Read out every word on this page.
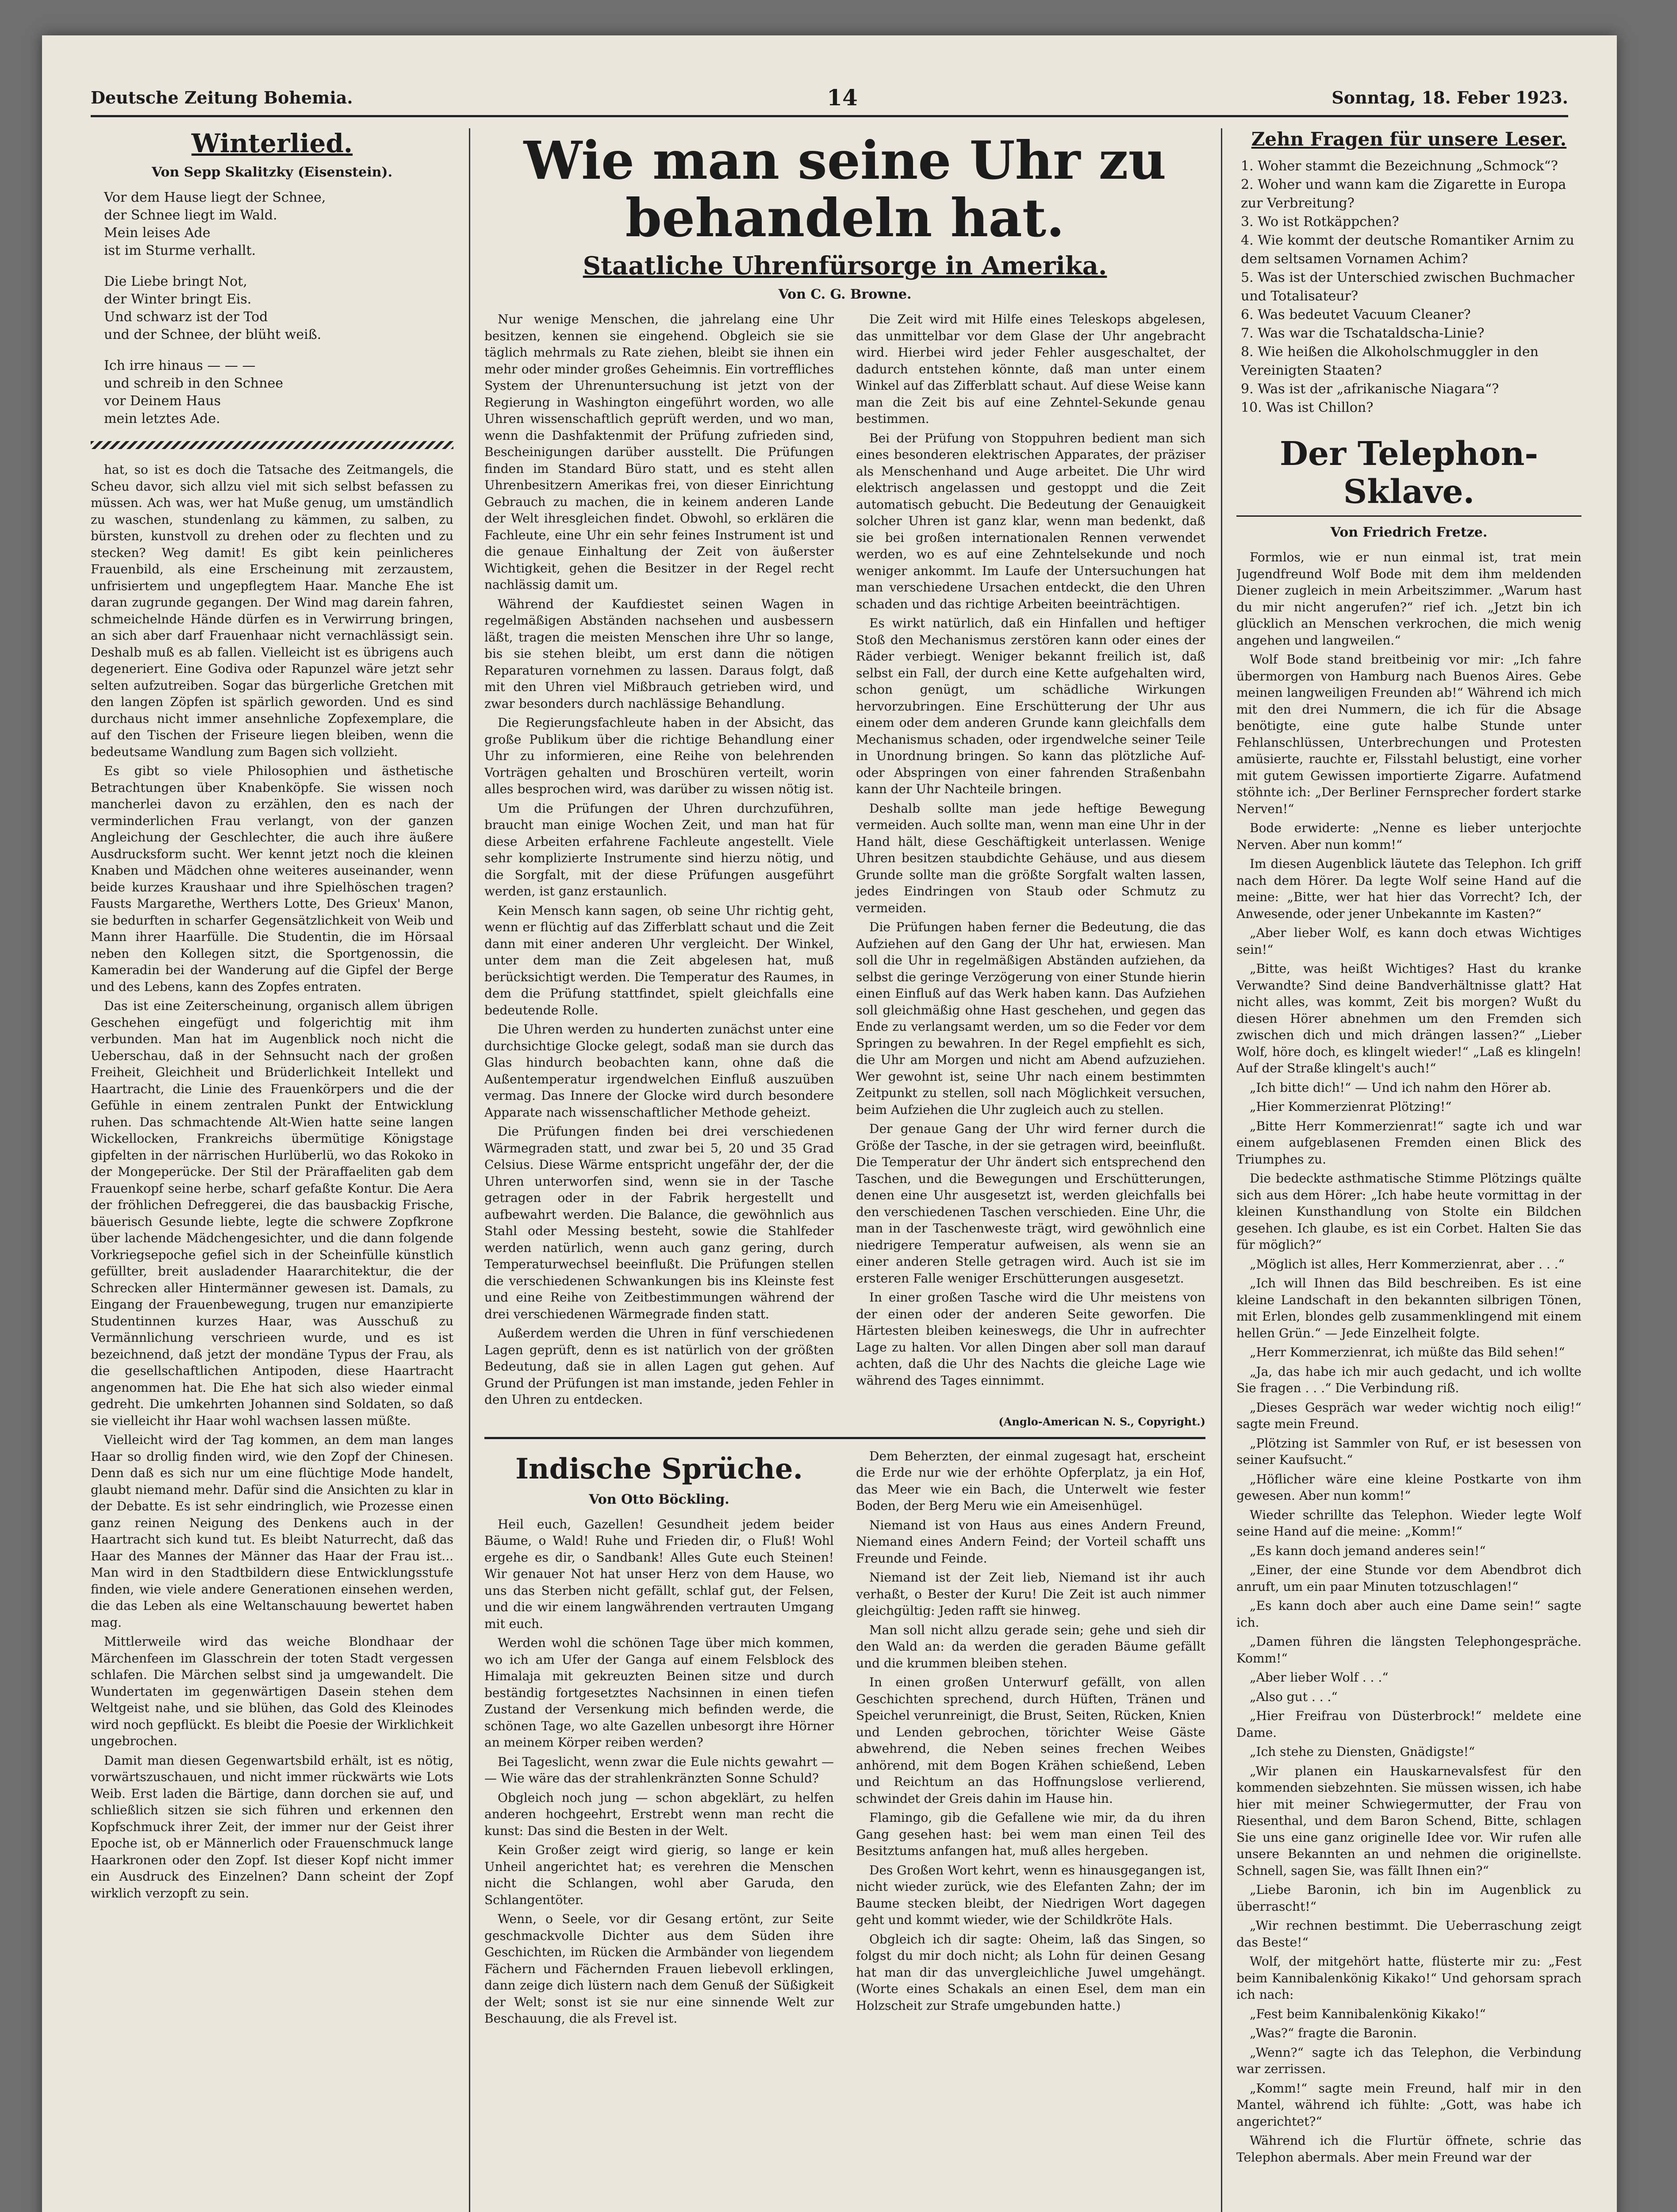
Deutsche Zeitung Bohemia.	14	Sonntag, 18. Feber 1923.
Winterlied.
Von Sepp Skalitzky (Eisenstein).
Vor dem Hause liegt der Schnee,
der Schnee liegt im Wald.
Mein leises Ade
ist im Sturme verhallt.
Die Liebe bringt Not,
der Winter bringt Eis.
Und schwarz ist der Tod
und der Schnee, der blüht weiß.
Ich irre hinaus — — —
und schreib in den Schnee
vor Deinem Haus
mein letztes Ade.

hat, so ist es doch die Tatsache des Zeitmangels, die Scheu davor, sich allzu viel mit sich selbst befassen zu müssen. Ach was, wer hat Muße genug, um umständlich zu waschen, stundenlang zu kämmen, zu salben, zu bürsten, kunstvoll zu drehen oder zu flechten und zu stecken? Weg damit! Es gibt kein peinlicheres Frauenbild, als eine Erscheinung mit zerzaustem, unfrisiertem und ungepflegtem Haar. Manche Ehe ist daran zugrunde gegangen. Der Wind mag darein fahren, schmeichelnde Hände dürfen es in Verwirrung bringen, an sich aber darf Frauenhaar nicht vernachlässigt sein. Deshalb muß es ab fallen. Vielleicht ist es übrigens auch degeneriert. Eine Godiva oder Rapunzel wäre jetzt sehr selten aufzutreiben. Sogar das bürgerliche Gretchen mit den langen Zöpfen ist spärlich geworden. Und es sind durchaus nicht immer ansehnliche Zopfexemplare, die auf den Tischen der Friseure liegen bleiben, wenn die bedeutsame Wandlung zum Bagen sich vollzieht.

Es gibt so viele Philosophien und ästhetische Betrachtungen über Knabenköpfe. Sie wissen noch mancherlei davon zu erzählen, den es nach der verminderlichen Frau verlangt, von der ganzen Angleichung der Geschlechter, die auch ihre äußere Ausdrucksform sucht. Wer kennt jetzt noch die kleinen Knaben und Mädchen ohne weiteres auseinander, wenn beide kurzes Kraushaar und ihre Spielhöschen tragen? Fausts Margarethe, Werthers Lotte, Des Grieux' Manon, sie bedurften in scharfer Gegensätzlichkeit von Weib und Mann ihrer Haarfülle. Die Studentin, die im Hörsaal neben den Kollegen sitzt, die Sportgenossin, die Kameradin bei der Wanderung auf die Gipfel der Berge und des Lebens, kann des Zopfes entraten.

Das ist eine Zeiterscheinung, organisch allem übrigen Geschehen eingefügt und folgerichtig mit ihm verbunden. Man hat im Augenblick noch nicht die Ueberschau, daß in der Sehnsucht nach der großen Freiheit, Gleichheit und Brüderlichkeit Intellekt und Haartracht, die Linie des Frauenkörpers und die der Gefühle in einem zentralen Punkt der Entwicklung ruhen. Das schmachtende Alt-Wien hatte seine langen Wickellocken, Frankreichs übermütige Königstage gipfelten in der närrischen Hurlüberlü, wo das Rokoko in der Mongeperücke. Der Stil der Präraffaeliten gab dem Frauenkopf seine herbe, scharf gefaßte Kontur. Die Aera der fröhlichen Defreggerei, die das bausbackig Frische, bäuerisch Gesunde liebte, legte die schwere Zopfkrone über lachende Mädchengesichter, und die dann folgende Vorkriegsepoche gefiel sich in der Scheinfülle künstlich gefüllter, breit ausladender Haararchitektur, die der Schrecken aller Hintermänner gewesen ist. Damals, zu Eingang der Frauenbewegung, trugen nur emanzipierte Studentinnen kurzes Haar, was Ausschuß zu Vermännlichung verschrieen wurde, und es ist bezeichnend, daß jetzt der mondäne Typus der Frau, als die gesellschaftlichen Antipoden, diese Haartracht angenommen hat. Die Ehe hat sich also wieder einmal gedreht. Die umkehrten Johannen sind Soldaten, so daß sie vielleicht ihr Haar wohl wachsen lassen müßte.

Vielleicht wird der Tag kommen, an dem man langes Haar so drollig finden wird, wie den Zopf der Chinesen. Denn daß es sich nur um eine flüchtige Mode handelt, glaubt niemand mehr. Dafür sind die Ansichten zu klar in der Debatte. Es ist sehr eindringlich, wie Prozesse einen ganz reinen Neigung des Denkens auch in der Haartracht sich kund tut. Es bleibt Naturrecht, daß das Haar des Mannes der Männer das Haar der Frau ist... Man wird in den Stadtbildern diese Entwicklungsstufe finden, wie viele andere Generationen einsehen werden, die das Leben als eine Weltanschauung bewertet haben mag.

Mittlerweile wird das weiche Blondhaar der Märchenfeen im Glasschrein der toten Stadt vergessen schlafen. Die Märchen selbst sind ja umgewandelt. Die Wundertaten im gegenwärtigen Dasein stehen dem Weltgeist nahe, und sie blühen, das Gold des Kleinodes wird noch gepflückt. Es bleibt die Poesie der Wirklichkeit ungebrochen.

Damit man diesen Gegenwartsbild erhält, ist es nötig, vorwärtszuschauen, und nicht immer rückwärts wie Lots Weib. Erst laden die Bärtige, dann dorchen sie auf, und schließlich sitzen sie sich führen und erkennen den Kopfschmuck ihrer Zeit, der immer nur der Geist ihrer Epoche ist, ob er Männerlich oder Frauenschmuck lange Haarkronen oder den Zopf. Ist dieser Kopf nicht immer ein Ausdruck des Einzelnen? Dann scheint der Zopf wirklich verzopft zu sein.

Wie man seine Uhr zu behandeln hat.
Staatliche Uhrenfürsorge in Amerika.
Von C. G. Browne.

Nur wenige Menschen, die jahrelang eine Uhr besitzen, kennen sie eingehend. Obgleich sie sie täglich mehrmals zu Rate ziehen, bleibt sie ihnen ein mehr oder minder großes Geheimnis. Ein vortreffliches System der Uhrenuntersuchung ist jetzt von der Regierung in Washington eingeführt worden, wo alle Uhren wissenschaftlich geprüft werden, und wo man, wenn die Dashfaktenmit der Prüfung zufrieden sind, Bescheinigungen darüber ausstellt. Die Prüfungen finden im Standard Büro statt, und es steht allen Uhrenbesitzern Amerikas frei, von dieser Einrichtung Gebrauch zu machen, die in keinem anderen Lande der Welt ihresgleichen findet. Obwohl, so erklären die Fachleute, eine Uhr ein sehr feines Instrument ist und die genaue Einhaltung der Zeit von äußerster Wichtigkeit, gehen die Besitzer in der Regel recht nachlässig damit um.

Während der Kaufdiestet seinen Wagen in regelmäßigen Abständen nachsehen und ausbessern läßt, tragen die meisten Menschen ihre Uhr so lange, bis sie stehen bleibt, um erst dann die nötigen Reparaturen vornehmen zu lassen. Daraus folgt, daß mit den Uhren viel Mißbrauch getrieben wird, und zwar besonders durch nachlässige Behandlung.

Die Regierungsfachleute haben in der Absicht, das große Publikum über die richtige Behandlung einer Uhr zu informieren, eine Reihe von belehrenden Vorträgen gehalten und Broschüren verteilt, worin alles besprochen wird, was darüber zu wissen nötig ist.

Um die Prüfungen der Uhren durchzuführen, braucht man einige Wochen Zeit, und man hat für diese Arbeiten erfahrene Fachleute angestellt. Viele sehr komplizierte Instrumente sind hierzu nötig, und die Sorgfalt, mit der diese Prüfungen ausgeführt werden, ist ganz erstaunlich.

Kein Mensch kann sagen, ob seine Uhr richtig geht, wenn er flüchtig auf das Zifferblatt schaut und die Zeit dann mit einer anderen Uhr vergleicht. Der Winkel, unter dem man die Zeit abgelesen hat, muß berücksichtigt werden. Die Temperatur des Raumes, in dem die Prüfung stattfindet, spielt gleichfalls eine bedeutende Rolle.

Die Uhren werden zu hunderten zunächst unter eine durchsichtige Glocke gelegt, sodaß man sie durch das Glas hindurch beobachten kann, ohne daß die Außentemperatur irgendwelchen Einfluß auszuüben vermag. Das Innere der Glocke wird durch besondere Apparate nach wissenschaftlicher Methode geheizt.

Die Prüfungen finden bei drei verschiedenen Wärmegraden statt, und zwar bei 5, 20 und 35 Grad Celsius. Diese Wärme entspricht ungefähr der, der die Uhren unterworfen sind, wenn sie in der Tasche getragen oder in der Fabrik hergestellt und aufbewahrt werden. Die Balance, die gewöhnlich aus Stahl oder Messing besteht, sowie die Stahlfeder werden natürlich, wenn auch ganz gering, durch Temperaturwechsel beeinflußt. Die Prüfungen stellen die verschiedenen Schwankungen bis ins Kleinste fest und eine Reihe von Zeitbestimmungen während der drei verschiedenen Wärmegrade finden statt.

Außerdem werden die Uhren in fünf verschiedenen Lagen geprüft, denn es ist natürlich von der größten Bedeutung, daß sie in allen Lagen gut gehen. Auf Grund der Prüfungen ist man imstande, jeden Fehler in den Uhren zu entdecken.

Die Zeit wird mit Hilfe eines Teleskops abgelesen, das unmittelbar vor dem Glase der Uhr angebracht wird. Hierbei wird jeder Fehler ausgeschaltet, der dadurch entstehen könnte, daß man unter einem Winkel auf das Zifferblatt schaut. Auf diese Weise kann man die Zeit bis auf eine Zehntel-Sekunde genau bestimmen.

Bei der Prüfung von Stoppuhren bedient man sich eines besonderen elektrischen Apparates, der präziser als Menschenhand und Auge arbeitet. Die Uhr wird elektrisch angelassen und gestoppt und die Zeit automatisch gebucht. Die Bedeutung der Genauigkeit solcher Uhren ist ganz klar, wenn man bedenkt, daß sie bei großen internationalen Rennen verwendet werden, wo es auf eine Zehntelsekunde und noch weniger ankommt. Im Laufe der Untersuchungen hat man verschiedene Ursachen entdeckt, die den Uhren schaden und das richtige Arbeiten beeinträchtigen.

Es wirkt natürlich, daß ein Hinfallen und heftiger Stoß den Mechanismus zerstören kann oder eines der Räder verbiegt. Weniger bekannt freilich ist, daß selbst ein Fall, der durch eine Kette aufgehalten wird, schon genügt, um schädliche Wirkungen hervorzubringen. Eine Erschütterung der Uhr aus einem oder dem anderen Grunde kann gleichfalls dem Mechanismus schaden, oder irgendwelche seiner Teile in Unordnung bringen. So kann das plötzliche Auf- oder Abspringen von einer fahrenden Straßenbahn kann der Uhr Nachteile bringen.

Deshalb sollte man jede heftige Bewegung vermeiden. Auch sollte man, wenn man eine Uhr in der Hand hält, diese Geschäftigkeit unterlassen. Wenige Uhren besitzen staubdichte Gehäuse, und aus diesem Grunde sollte man die größte Sorgfalt walten lassen, jedes Eindringen von Staub oder Schmutz zu vermeiden.

Die Prüfungen haben ferner die Bedeutung, die das Aufziehen auf den Gang der Uhr hat, erwiesen. Man soll die Uhr in regelmäßigen Abständen aufziehen, da selbst die geringe Verzögerung von einer Stunde hierin einen Einfluß auf das Werk haben kann. Das Aufziehen soll gleichmäßig ohne Hast geschehen, und gegen das Ende zu verlangsamt werden, um so die Feder vor dem Springen zu bewahren. In der Regel empfiehlt es sich, die Uhr am Morgen und nicht am Abend aufzuziehen. Wer gewohnt ist, seine Uhr nach einem bestimmten Zeitpunkt zu stellen, soll nach Möglichkeit versuchen, beim Aufziehen die Uhr zugleich auch zu stellen.

Der genaue Gang der Uhr wird ferner durch die Größe der Tasche, in der sie getragen wird, beeinflußt. Die Temperatur der Uhr ändert sich entsprechend den Taschen, und die Bewegungen und Erschütterungen, denen eine Uhr ausgesetzt ist, werden gleichfalls bei den verschiedenen Taschen verschieden. Eine Uhr, die man in der Taschenweste trägt, wird gewöhnlich eine niedrigere Temperatur aufweisen, als wenn sie an einer anderen Stelle getragen wird. Auch ist sie im ersteren Falle weniger Erschütterungen ausgesetzt.

In einer großen Tasche wird die Uhr meistens von der einen oder der anderen Seite geworfen. Die Härtesten bleiben keineswegs, die Uhr in aufrechter Lage zu halten. Vor allen Dingen aber soll man darauf achten, daß die Uhr des Nachts die gleiche Lage wie während des Tages einnimmt.

(Anglo-American N. S., Copyright.)
Indische Sprüche.
Von Otto Böckling.

Heil euch, Gazellen! Gesundheit jedem beider Bäume, o Wald! Ruhe und Frieden dir, o Fluß! Wohl ergehe es dir, o Sandbank! Alles Gute euch Steinen! Wir genauer Not hat unser Herz von dem Hause, wo uns das Sterben nicht gefällt, schlaf gut, der Felsen, und die wir einem langwährenden vertrauten Umgang mit euch.

Werden wohl die schönen Tage über mich kommen, wo ich am Ufer der Ganga auf einem Felsblock des Himalaja mit gekreuzten Beinen sitze und durch beständig fortgesetztes Nachsinnen in einen tiefen Zustand der Versenkung mich befinden werde, die schönen Tage, wo alte Gazellen unbesorgt ihre Hörner an meinem Körper reiben werden?

Bei Tageslicht, wenn zwar die Eule nichts gewahrt — — Wie wäre das der strahlenkränzten Sonne Schuld?

Obgleich noch jung — schon abgeklärt, zu helfen anderen hochgeehrt, Erstrebt wenn man recht die kunst: Das sind die Besten in der Welt.

Kein Großer zeigt wird gierig, so lange er kein Unheil angerichtet hat; es verehren die Menschen nicht die Schlangen, wohl aber Garuda, den Schlangentöter.

Wenn, o Seele, vor dir Gesang ertönt, zur Seite geschmackvolle Dichter aus dem Süden ihre Geschichten, im Rücken die Armbänder von liegendem Fächern und Fächernden Frauen liebevoll erklingen, dann zeige dich lüstern nach dem Genuß der Süßigkeit der Welt; sonst ist sie nur eine sinnende Welt zur Beschauung, die als Frevel ist.

Dem Beherzten, der einmal zugesagt hat, erscheint die Erde nur wie der erhöhte Opferplatz, ja ein Hof, das Meer wie ein Bach, die Unterwelt wie fester Boden, der Berg Meru wie ein Ameisenhügel.

Niemand ist von Haus aus eines Andern Freund, Niemand eines Andern Feind; der Vorteil schafft uns Freunde und Feinde.

Niemand ist der Zeit lieb, Niemand ist ihr auch verhaßt, o Bester der Kuru! Die Zeit ist auch nimmer gleichgültig: Jeden rafft sie hinweg.

Man soll nicht allzu gerade sein; gehe und sieh dir den Wald an: da werden die geraden Bäume gefällt und die krummen bleiben stehen.

In einen großen Unterwurf gefällt, von allen Geschichten sprechend, durch Hüften, Tränen und Speichel verunreinigt, die Brust, Seiten, Rücken, Knien und Lenden gebrochen, törichter Weise Gäste abwehrend, die Neben seines frechen Weibes anhörend, mit dem Bogen Krähen schießend, Leben und Reichtum an das Hoffnungslose verlierend, schwindet der Greis dahin im Hause hin.

Flamingo, gib die Gefallene wie mir, da du ihren Gang gesehen hast: bei wem man einen Teil des Besitztums anfangen hat, muß alles hergeben.

Des Großen Wort kehrt, wenn es hinausgegangen ist, nicht wieder zurück, wie des Elefanten Zahn; der im Baume stecken bleibt, der Niedrigen Wort dagegen geht und kommt wieder, wie der Schildkröte Hals.

Obgleich ich dir sagte: Oheim, laß das Singen, so folgst du mir doch nicht; als Lohn für deinen Gesang hat man dir das unvergleichliche Juwel umgehängt. (Worte eines Schakals an einen Esel, dem man ein Holzscheit zur Strafe umgebunden hatte.)

Zehn Fragen für unsere Leser.
1. Woher stammt die Bezeichnung „Schmock“?
2. Woher und wann kam die Zigarette in Europa zur Verbreitung?
3. Wo ist Rotkäppchen?
4. Wie kommt der deutsche Romantiker Arnim zu dem seltsamen Vornamen Achim?
5. Was ist der Unterschied zwischen Buchmacher und Totalisateur?
6. Was bedeutet Vacuum Cleaner?
7. Was war die Tschataldscha-Linie?
8. Wie heißen die Alkoholschmuggler in den Vereinigten Staaten?
9. Was ist der „afrikanische Niagara“?
10. Was ist Chillon?
Der Telephon-Sklave.
Von Friedrich Fretze.

Formlos, wie er nun einmal ist, trat mein Jugendfreund Wolf Bode mit dem ihm meldenden Diener zugleich in mein Arbeitszimmer. „Warum hast du mir nicht angerufen?“ rief ich. „Jetzt bin ich glücklich an Menschen verkrochen, die mich wenig angehen und langweilen.“

Wolf Bode stand breitbeinig vor mir: „Ich fahre übermorgen von Hamburg nach Buenos Aires. Gebe meinen langweiligen Freunden ab!“ Während ich mich mit den drei Nummern, die ich für die Absage benötigte, eine gute halbe Stunde unter Fehlanschlüssen, Unterbrechungen und Protesten amüsierte, rauchte er, Filsstahl belustigt, eine vorher mit gutem Gewissen importierte Zigarre. Aufatmend stöhnte ich: „Der Berliner Fernsprecher fordert starke Nerven!“

Bode erwiderte: „Nenne es lieber unterjochte Nerven. Aber nun komm!“

Im diesen Augenblick läutete das Telephon. Ich griff nach dem Hörer. Da legte Wolf seine Hand auf die meine: „Bitte, wer hat hier das Vorrecht? Ich, der Anwesende, oder jener Unbekannte im Kasten?“

„Aber lieber Wolf, es kann doch etwas Wichtiges sein!“

„Bitte, was heißt Wichtiges? Hast du kranke Verwandte? Sind deine Bandverhältnisse glatt? Hat nicht alles, was kommt, Zeit bis morgen? Wußt du diesen Hörer abnehmen um den Fremden sich zwischen dich und mich drängen lassen?“ „Lieber Wolf, höre doch, es klingelt wieder!“ „Laß es klingeln! Auf der Straße klingelt's auch!“

„Ich bitte dich!“ — Und ich nahm den Hörer ab.

„Hier Kommerzienrat Plötzing!“

„Bitte Herr Kommerzienrat!“ sagte ich und war einem aufgeblasenen Fremden einen Blick des Triumphes zu.

Die bedeckte asthmatische Stimme Plötzings quälte sich aus dem Hörer: „Ich habe heute vormittag in der kleinen Kunsthandlung von Stolte ein Bildchen gesehen. Ich glaube, es ist ein Corbet. Halten Sie das für möglich?“

„Möglich ist alles, Herr Kommerzienrat, aber . . .“

„Ich will Ihnen das Bild beschreiben. Es ist eine kleine Landschaft in den bekannten silbrigen Tönen, mit Erlen, blondes gelb zusammenklingend mit einem hellen Grün.“ — Jede Einzelheit folgte.

„Herr Kommerzienrat, ich müßte das Bild sehen!“

„Ja, das habe ich mir auch gedacht, und ich wollte Sie fragen . . .“ Die Verbindung riß.

„Dieses Gespräch war weder wichtig noch eilig!“ sagte mein Freund.

„Plötzing ist Sammler von Ruf, er ist besessen von seiner Kaufsucht.“

„Höflicher wäre eine kleine Postkarte von ihm gewesen. Aber nun komm!“

Wieder schrillte das Telephon. Wieder legte Wolf seine Hand auf die meine: „Komm!“

„Es kann doch jemand anderes sein!“

„Einer, der eine Stunde vor dem Abendbrot dich anruft, um ein paar Minuten totzuschlagen!“

„Es kann doch aber auch eine Dame sein!“ sagte ich.

„Damen führen die längsten Telephongespräche. Komm!“

„Aber lieber Wolf . . .“

„Also gut . . .“

„Hier Freifrau von Düsterbrock!“ meldete eine Dame.

„Ich stehe zu Diensten, Gnädigste!“

„Wir planen ein Hauskarnevalsfest für den kommenden siebzehnten. Sie müssen wissen, ich habe hier mit meiner Schwiegermutter, der Frau von Riesenthal, und dem Baron Schend, Bitte, schlagen Sie uns eine ganz originelle Idee vor. Wir rufen alle unsere Bekannten an und nehmen die originellste. Schnell, sagen Sie, was fällt Ihnen ein?“

„Liebe Baronin, ich bin im Augenblick zu überrascht!“

„Wir rechnen bestimmt. Die Ueberraschung zeigt das Beste!“

Wolf, der mitgehört hatte, flüsterte mir zu: „Fest beim Kannibalenkönig Kikako!“ Und gehorsam sprach ich nach:

„Fest beim Kannibalenkönig Kikako!“

„Was?“ fragte die Baronin.

„Wenn?“ sagte ich das Telephon, die Verbindung war zerrissen.

„Komm!“ sagte mein Freund, half mir in den Mantel, während ich fühlte: „Gott, was habe ich angerichtet?“

Während ich die Flurtür öffnete, schrie das Telephon abermals. Aber mein Freund war der
